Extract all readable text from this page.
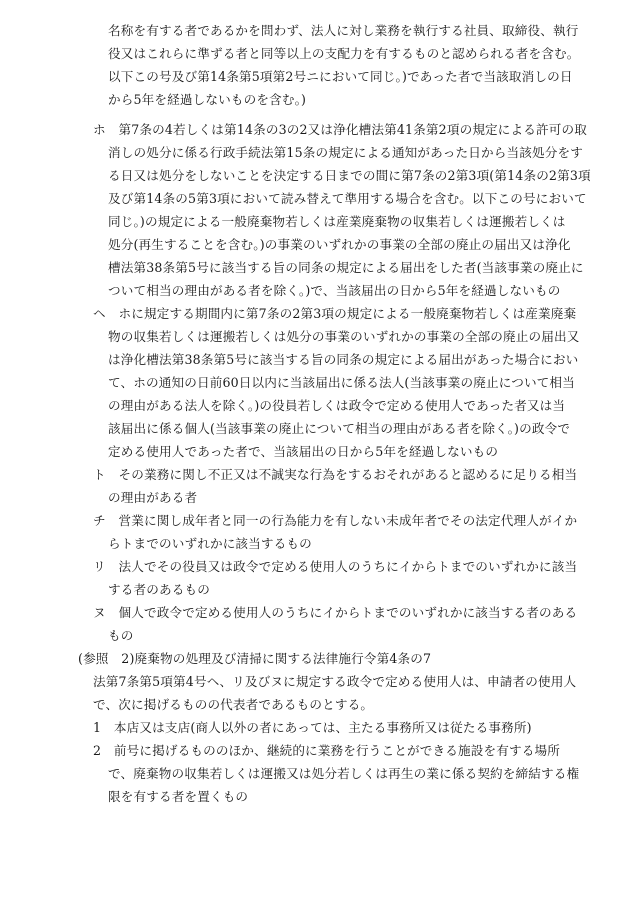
名称を有する者であるかを問わず、法人に対し業務を執行する社員、取締役、執行
役又はこれらに準ずる者と同等以上の支配力を有するものと認められる者を含む。
以下この号及び第14条第5項第2号ニにおいて同じ。)であった者で当該取消しの日
から5年を経過しないものを含む。)
ホ　第7条の4若しくは第14条の3の2又は浄化槽法第41条第2項の規定による許可の取
消しの処分に係る行政手続法第15条の規定による通知があった日から当該処分をす
る日又は処分をしないことを決定する日までの間に第7条の2第3項(第14条の2第3項
及び第14条の5第3項において読み替えて準用する場合を含む。以下この号において
同じ。)の規定による一般廃棄物若しくは産業廃棄物の収集若しくは運搬若しくは
処分(再生することを含む。)の事業のいずれかの事業の全部の廃止の届出又は浄化
槽法第38条第5号に該当する旨の同条の規定による届出をした者(当該事業の廃止に
ついて相当の理由がある者を除く。)で、当該届出の日から5年を経過しないもの
ヘ　ホに規定する期間内に第7条の2第3項の規定による一般廃棄物若しくは産業廃棄
物の収集若しくは運搬若しくは処分の事業のいずれかの事業の全部の廃止の届出又
は浄化槽法第38条第5号に該当する旨の同条の規定による届出があった場合におい
て、ホの通知の日前60日以内に当該届出に係る法人(当該事業の廃止について相当
の理由がある法人を除く。)の役員若しくは政令で定める使用人であった者又は当
該届出に係る個人(当該事業の廃止について相当の理由がある者を除く。)の政令で
定める使用人であった者で、当該届出の日から5年を経過しないもの
ト　その業務に関し不正又は不誠実な行為をするおそれがあると認めるに足りる相当
の理由がある者
チ　営業に関し成年者と同一の行為能力を有しない未成年者でその法定代理人がイか
らトまでのいずれかに該当するもの
リ　法人でその役員又は政令で定める使用人のうちにイからトまでのいずれかに該当
する者のあるもの
ヌ　個人で政令で定める使用人のうちにイからトまでのいずれかに該当する者のある
もの
(参照　2)廃棄物の処理及び清掃に関する法律施行令第4条の7
法第7条第5項第4号ヘ、リ及びヌに規定する政令で定める使用人は、申請者の使用人
で、次に掲げるものの代表者であるものとする。
1　本店又は支店(商人以外の者にあっては、主たる事務所又は従たる事務所)
2　前号に掲げるもののほか、継続的に業務を行うことができる施設を有する場所
で、廃棄物の収集若しくは運搬又は処分若しくは再生の業に係る契約を締結する権
限を有する者を置くもの
